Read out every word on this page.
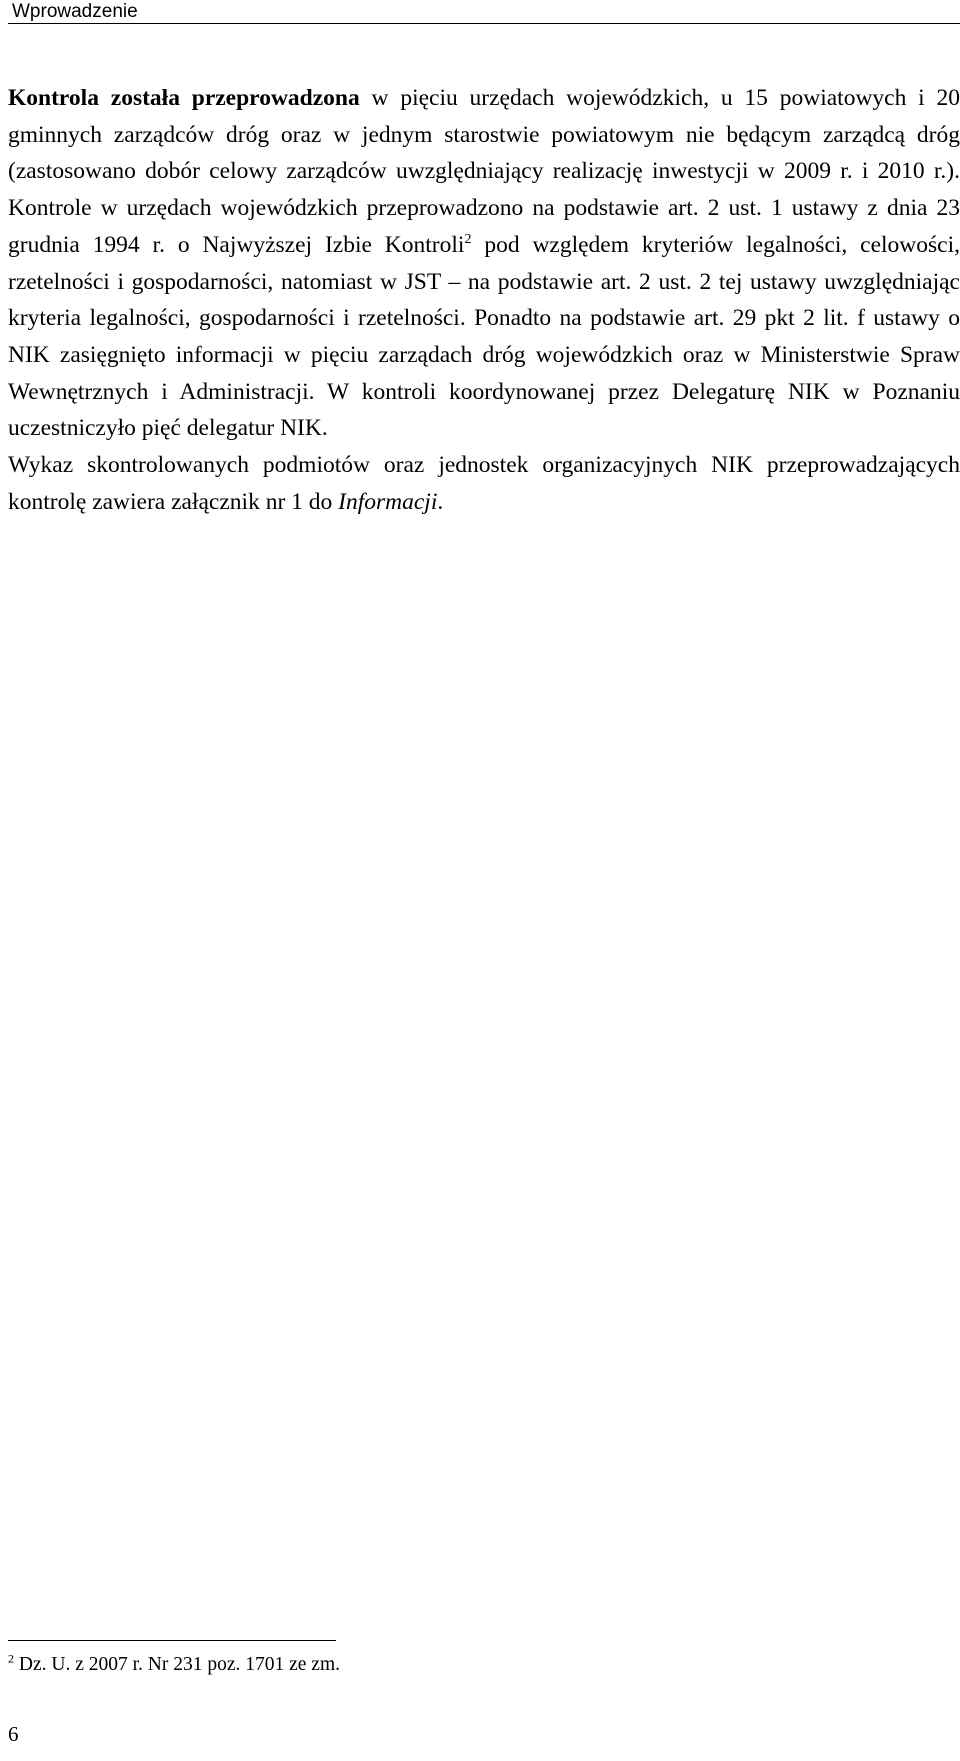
Wprowadzenie

Kontrola została przeprowadzona w pięciu urzędach wojewódzkich, u 15 powiatowych i 20 gminnych zarządców dróg oraz w jednym starostwie powiatowym nie będącym zarządcą dróg (zastosowano dobór celowy zarządców uwzględniający realizację inwestycji w 2009 r. i 2010 r.). Kontrole w urzędach wojewódzkich przeprowadzono na podstawie art. 2 ust. 1 ustawy z dnia 23 grudnia 1994 r. o Najwyższej Izbie Kontroli$^2$ pod względem kryteriów legalności, celowości, rzetelności i gospodarności, natomiast w JST – na podstawie art. 2 ust. 2 tej ustawy uwzględniając kryteria legalności, gospodarności i rzetelności. Ponadto na podstawie art. 29 pkt 2 lit. f ustawy o NIK zasięgnięto informacji w pięciu zarządach dróg wojewódzkich oraz w Ministerstwie Spraw Wewnętrznych i Administracji. W kontroli koordynowanej przez Delegaturę NIK w Poznaniu uczestniczyło pięć delegatur NIK.

Wykaz skontrolowanych podmiotów oraz jednostek organizacyjnych NIK przeprowadzających kontrolę zawiera załącznik nr 1 do Informacji.

$^2$ Dz. U. z 2007 r. Nr 231 poz. 1701 ze zm.
6
